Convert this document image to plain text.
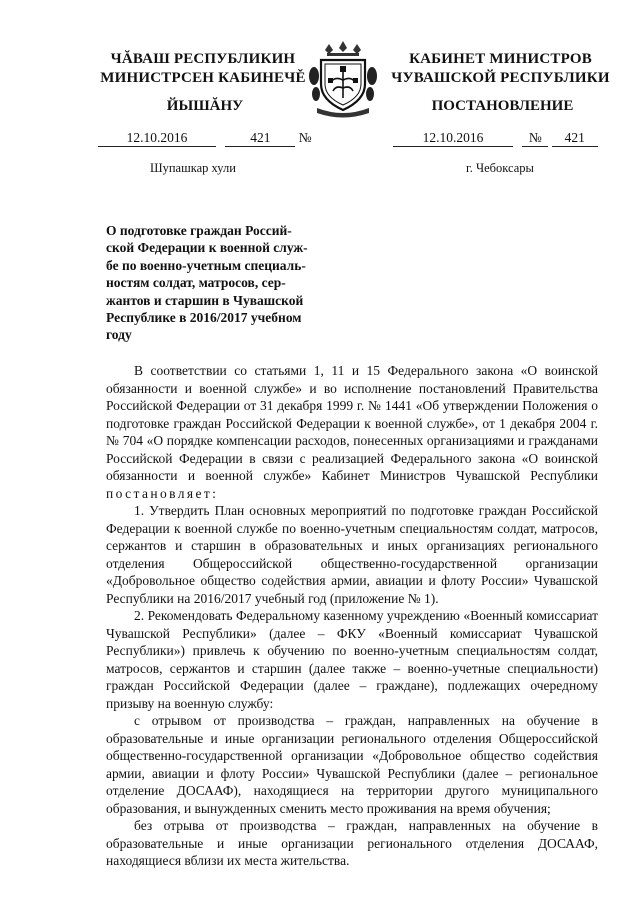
ЧĂВАШ РЕСПУБЛИКИН
МИНИСТРСЕН КАБИНЕЧĚ
КАБИНЕТ МИНИСТРОВ
ЧУВАШСКОЙ РЕСПУБЛИКИ
ЙЫШĂНУ	ПОСТАНОВЛЕНИЕ
12.10.2016	421 №	12.10.2016	№ 421
Шупашкар хули	г. Чебоксары
О подготовке граждан Россий-
ской Федерации к военной служ-
бе по военно-учетным специаль-
ностям солдат, матросов, сер-
жантов и старшин в Чувашской
Республике в 2016/2017 учебном
году

В соответствии со статьями 1, 11 и 15 Федерального закона «О воинской обязанности и военной службе» и во исполнение постановлений Правительства Российской Федерации от 31 декабря 1999 г. № 1441 «Об утверждении Положения о подготовке граждан Российской Федерации к военной службе», от 1 декабря 2004 г. № 704 «О порядке компенсации расходов, понесенных организациями и гражданами Российской Федерации в связи с реализацией Федерального закона «О воинской обязанности и военной службе» Кабинет Министров Чувашской Республики постановляет:

1. Утвердить План основных мероприятий по подготовке граждан Российской Федерации к военной службе по военно-учетным специальностям солдат, матросов, сержантов и старшин в образовательных и иных организациях регионального отделения Общероссийской общественно-государственной организации «Добровольное общество содействия армии, авиации и флоту России» Чувашской Республики на 2016/2017 учебный год (приложение № 1).

2. Рекомендовать Федеральному казенному учреждению «Военный комиссариат Чувашской Республики» (далее – ФКУ «Военный комиссариат Чувашской Республики») привлечь к обучению по военно-учетным специальностям солдат, матросов, сержантов и старшин (далее также – военно-учетные специальности) граждан Российской Федерации (далее – граждане), подлежащих очередному призыву на военную службу:

с отрывом от производства – граждан, направленных на обучение в образовательные и иные организации регионального отделения Общероссийской общественно-государственной организации «Добровольное общество содействия армии, авиации и флоту России» Чувашской Республики (далее – региональное отделение ДОСААФ), находящиеся на территории другого муниципального образования, и вынужденных сменить место проживания на время обучения;

без отрыва от производства – граждан, направленных на обучение в образовательные и иные организации регионального отделения ДОСААФ, находящиеся вблизи их места жительства.
